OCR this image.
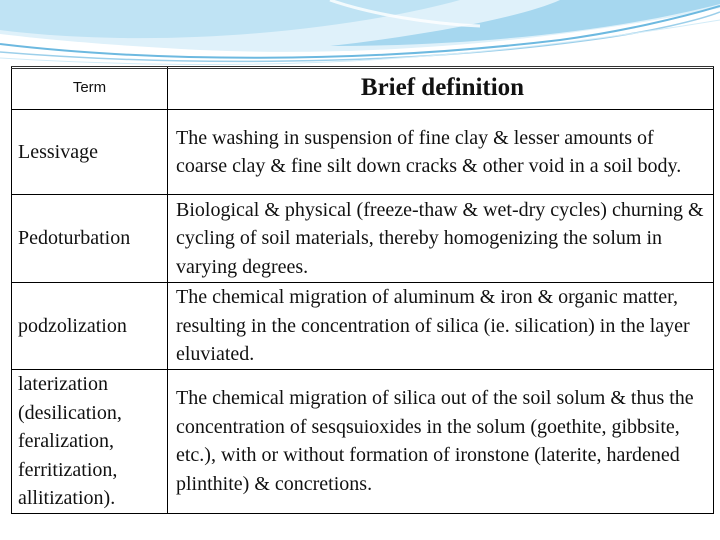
Term	Brief definition
Lessivage	The washing in suspension of fine clay & lesser amounts of coarse clay & fine silt down cracks & other void in a soil body.
Pedoturbation	Biological & physical (freeze-thaw & wet-dry cycles) churning & cycling of soil materials, thereby homogenizing the solum in varying degrees.
podzolization	The chemical migration of aluminum & iron & organic matter, resulting in the concentration of silica (ie. silication) in the layer eluviated.
laterization (desilication, feralization, ferritization, allitization).	The chemical migration of silica out of the soil solum & thus the concentration of sesqsuioxides in the solum (goethite, gibbsite, etc.), with or without formation of ironstone (laterite, hardened plinthite) & concretions.
